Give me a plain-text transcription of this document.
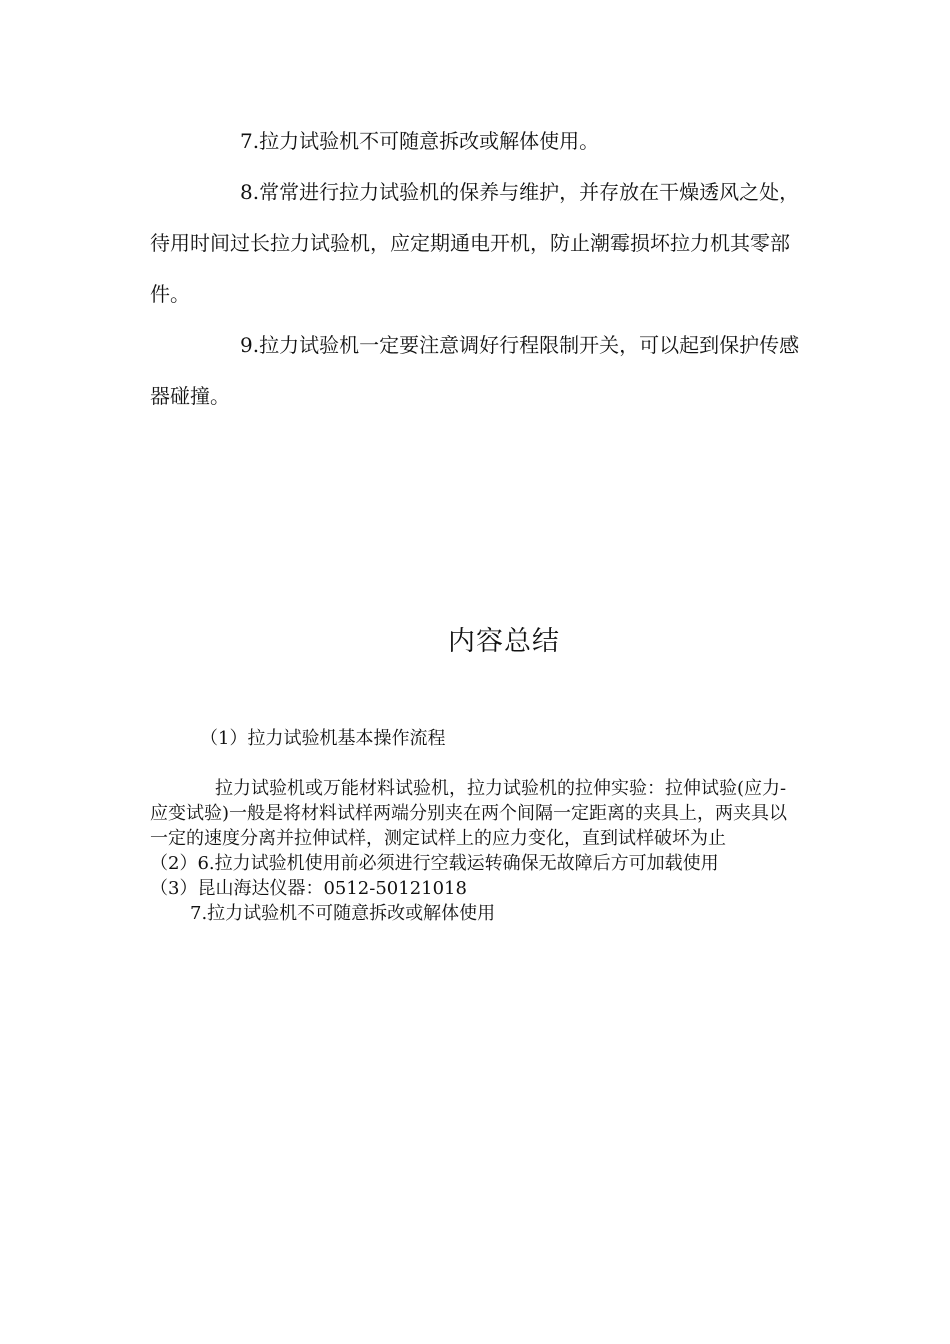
7.拉力试验机不可随意拆改或解体使用。

8.常常进行拉力试验机的保养与维护，并存放在干燥透风之处，待用时间过长拉力试验机，应定期通电开机，防止潮霉损坏拉力机其零部件。

9.拉力试验机一定要注意调好行程限制开关，可以起到保护传感器碰撞。

内容总结

（1）拉力试验机基本操作流程

拉力试验机或万能材料试验机，拉力试验机的拉伸实验：拉伸试验(应力-应变试验)一般是将材料试样两端分别夹在两个间隔一定距离的夹具上，两夹具以一定的速度分离并拉伸试样，测定试样上的应力变化，直到试样破坏为止

（2）6.拉力试验机使用前必须进行空载运转确保无故障后方可加载使用

（3）昆山海达仪器：0512-50121018

7.拉力试验机不可随意拆改或解体使用
